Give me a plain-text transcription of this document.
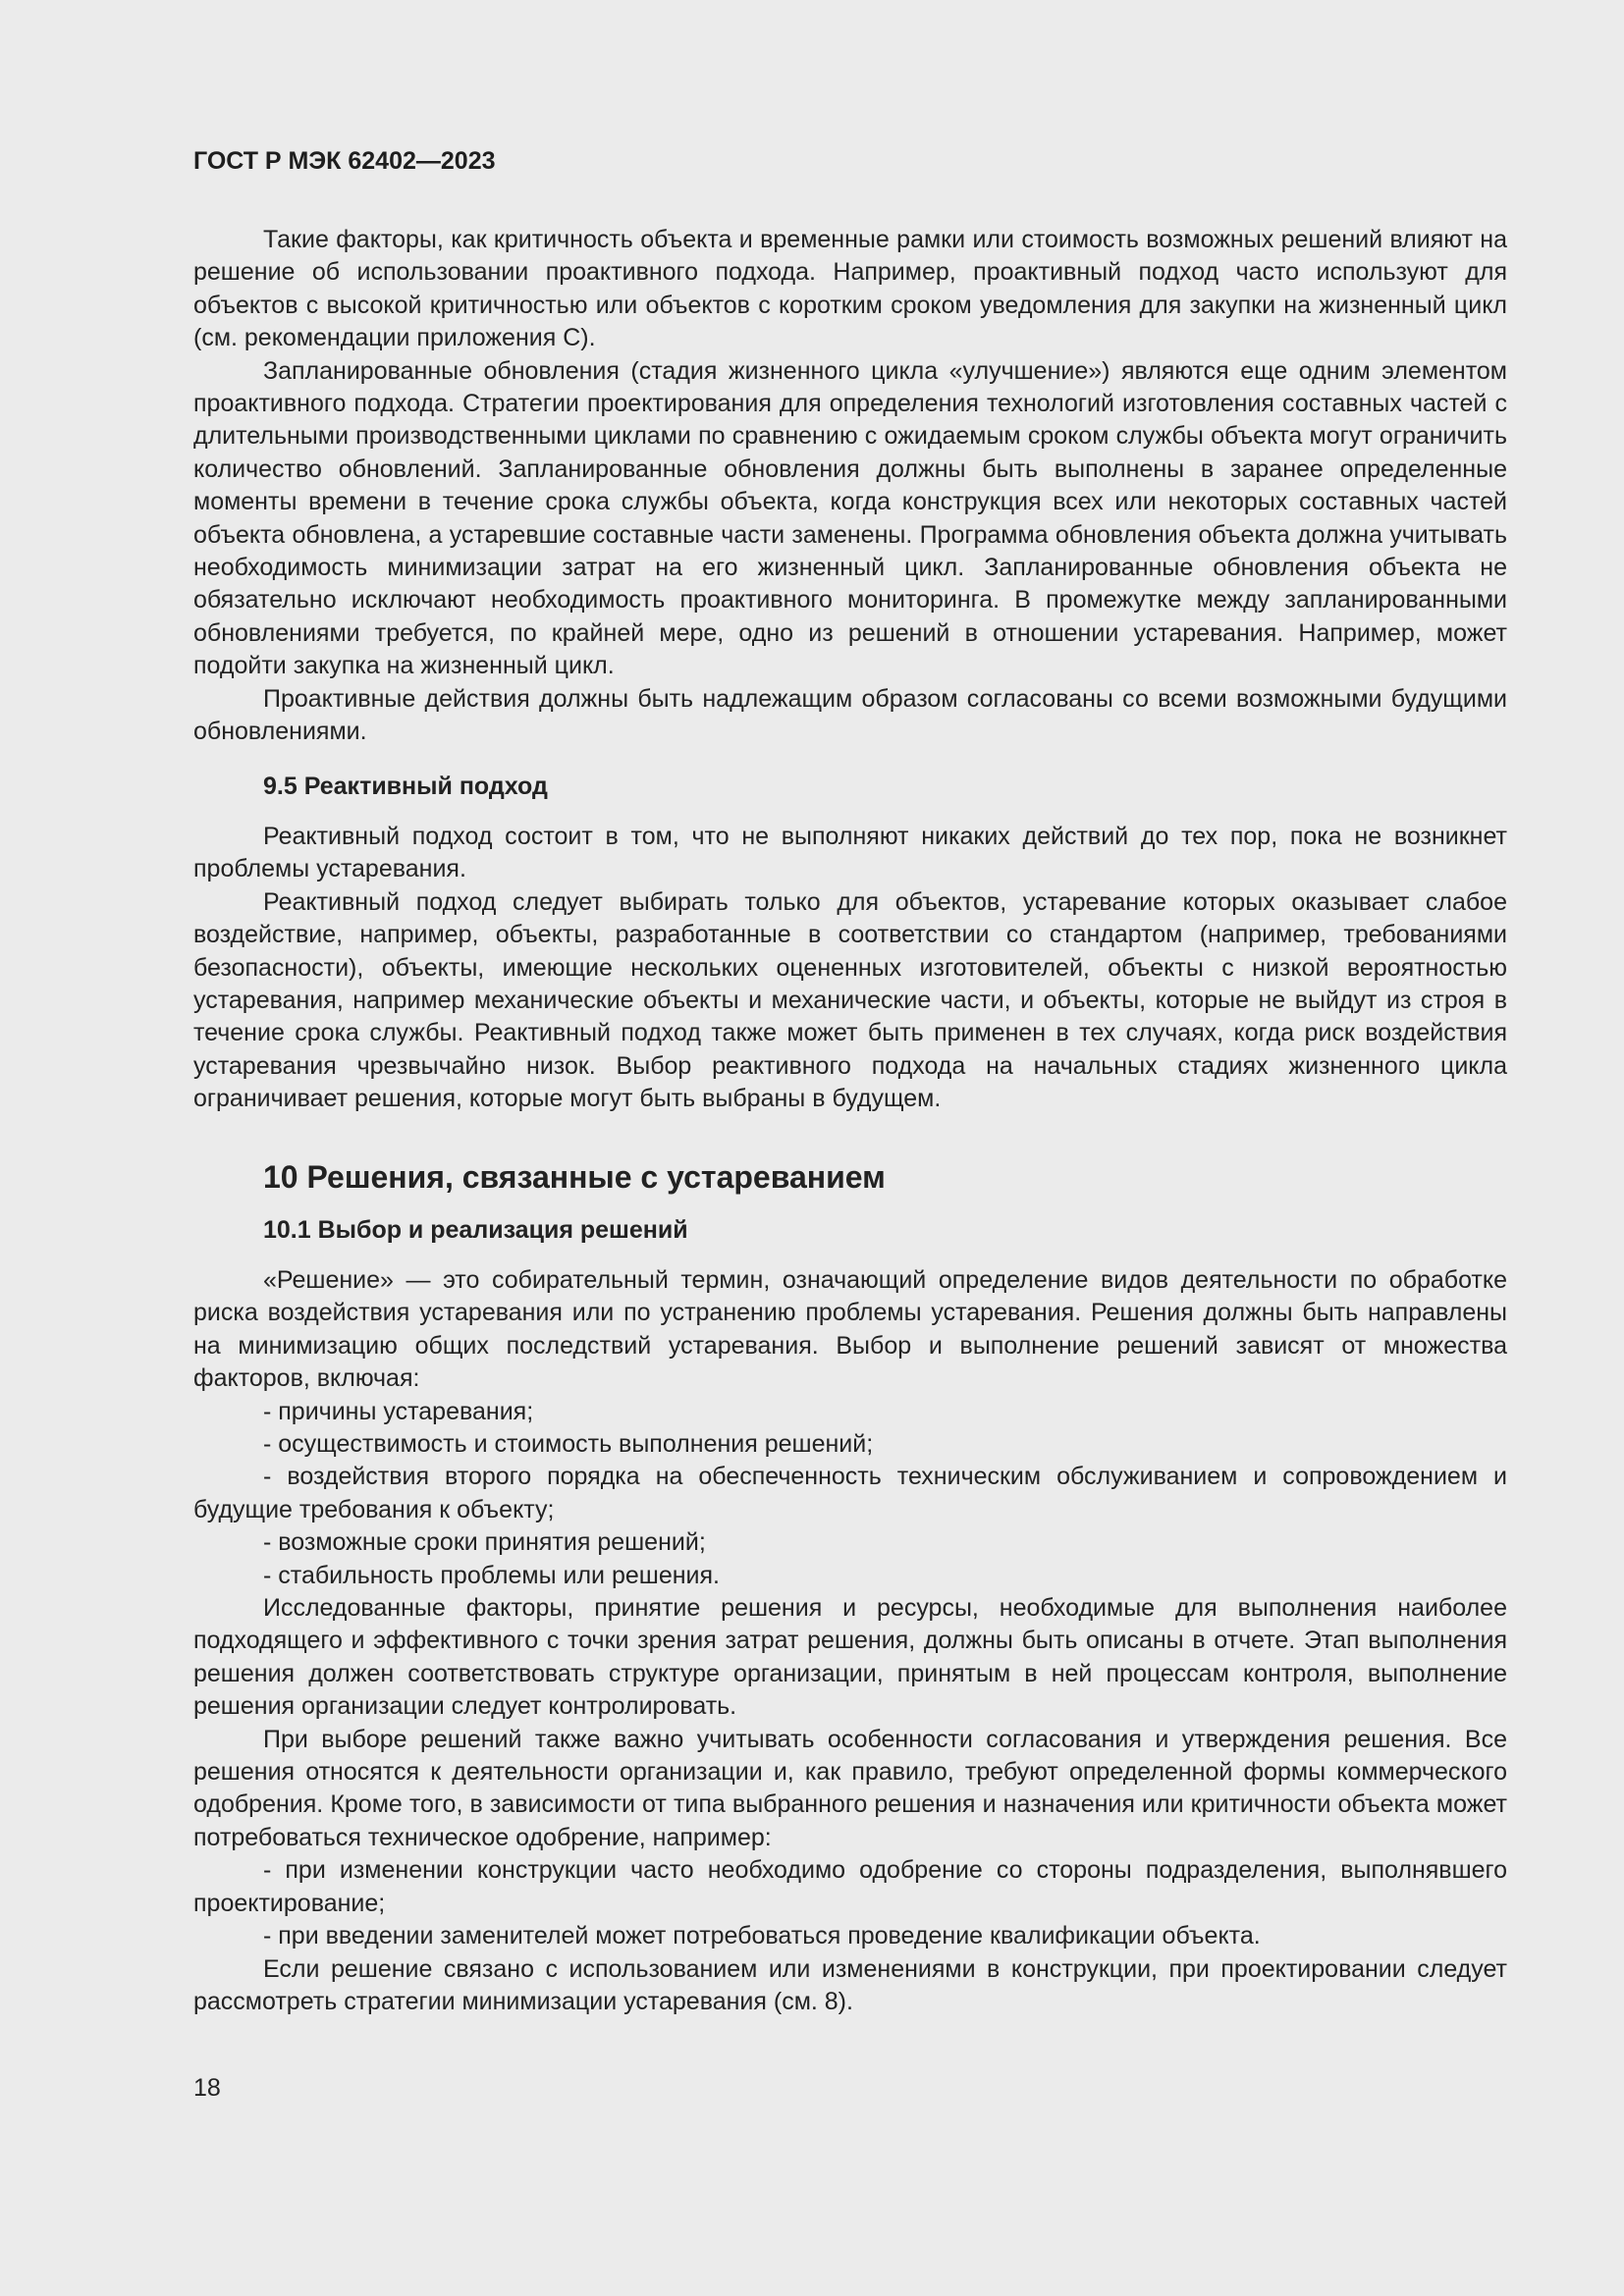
ГОСТ Р МЭК 62402—2023

Такие факторы, как критичность объекта и временные рамки или стоимость возможных решений влияют на решение об использовании проактивного подхода. Например, проактивный подход часто используют для объектов с высокой критичностью или объектов с коротким сроком уведомления для закупки на жизненный цикл (см. рекомендации приложения С).

Запланированные обновления (стадия жизненного цикла «улучшение») являются еще одним элементом проактивного подхода. Стратегии проектирования для определения технологий изготовления составных частей с длительными производственными циклами по сравнению с ожидаемым сроком службы объекта могут ограничить количество обновлений. Запланированные обновления должны быть выполнены в заранее определенные моменты времени в течение срока службы объекта, когда конструкция всех или некоторых составных частей объекта обновлена, а устаревшие составные части заменены. Программа обновления объекта должна учитывать необходимость минимизации затрат на его жизненный цикл. Запланированные обновления объекта не обязательно исключают необходимость проактивного мониторинга. В промежутке между запланированными обновлениями требуется, по крайней мере, одно из решений в отношении устаревания. Например, может подойти закупка на жизненный цикл.

Проактивные действия должны быть надлежащим образом согласованы со всеми возможными будущими обновлениями.

9.5 Реактивный подход

Реактивный подход состоит в том, что не выполняют никаких действий до тех пор, пока не возникнет проблемы устаревания.

Реактивный подход следует выбирать только для объектов, устаревание которых оказывает слабое воздействие, например, объекты, разработанные в соответствии со стандартом (например, требованиями безопасности), объекты, имеющие нескольких оцененных изготовителей, объекты с низкой вероятностью устаревания, например механические объекты и механические части, и объекты, которые не выйдут из строя в течение срока службы. Реактивный подход также может быть применен в тех случаях, когда риск воздействия устаревания чрезвычайно низок. Выбор реактивного подхода на начальных стадиях жизненного цикла ограничивает решения, которые могут быть выбраны в будущем.

10 Решения, связанные с устареванием
10.1 Выбор и реализация решений

«Решение» — это собирательный термин, означающий определение видов деятельности по обработке риска воздействия устаревания или по устранению проблемы устаревания. Решения должны быть направлены на минимизацию общих последствий устаревания. Выбор и выполнение решений зависят от множества факторов, включая:

- причины устаревания;

- осуществимость и стоимость выполнения решений;

- воздействия второго порядка на обеспеченность техническим обслуживанием и сопровождением и будущие требования к объекту;

- возможные сроки принятия решений;

- стабильность проблемы или решения.

Исследованные факторы, принятие решения и ресурсы, необходимые для выполнения наиболее подходящего и эффективного с точки зрения затрат решения, должны быть описаны в отчете. Этап выполнения решения должен соответствовать структуре организации, принятым в ней процессам контроля, выполнение решения организации следует контролировать.

При выборе решений также важно учитывать особенности согласования и утверждения решения. Все решения относятся к деятельности организации и, как правило, требуют определенной формы коммерческого одобрения. Кроме того, в зависимости от типа выбранного решения и назначения или критичности объекта может потребоваться техническое одобрение, например:

- при изменении конструкции часто необходимо одобрение со стороны подразделения, выполнявшего проектирование;

- при введении заменителей может потребоваться проведение квалификации объекта.

Если решение связано с использованием или изменениями в конструкции, при проектировании следует рассмотреть стратегии минимизации устаревания (см. 8).

18
